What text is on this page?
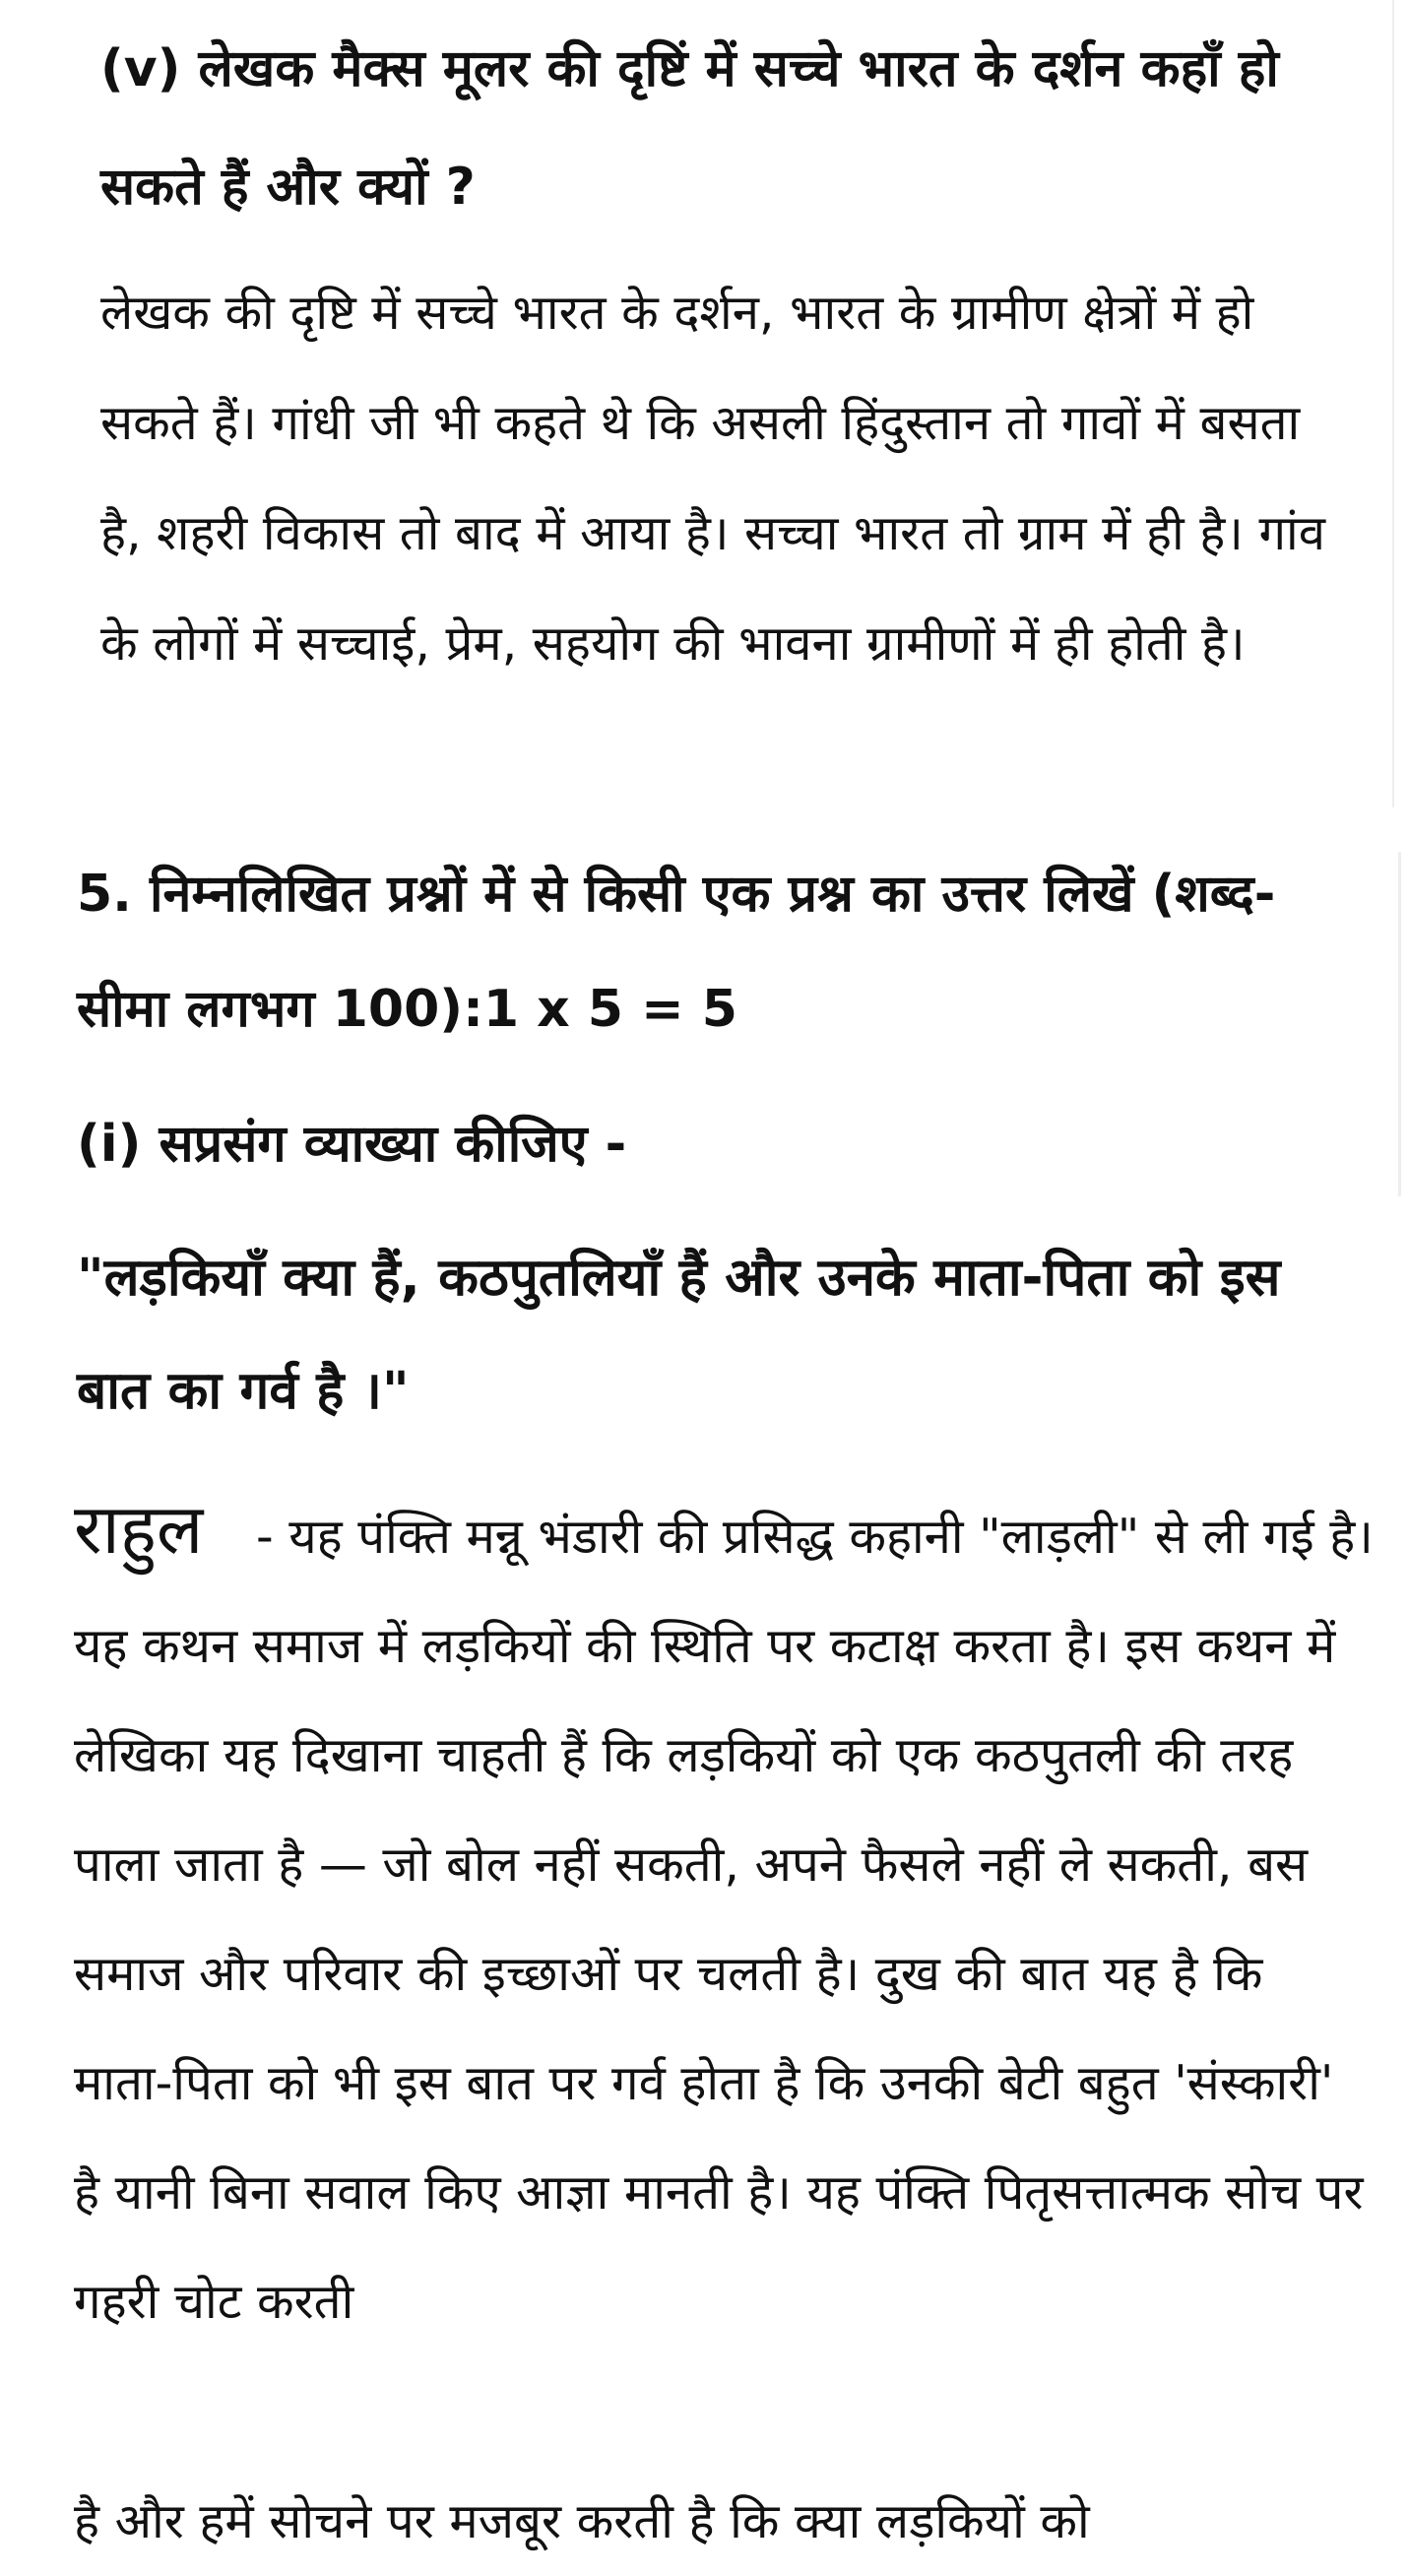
(v) लेखक मैक्स मूलर की दृष्टिं में सच्चे भारत के दर्शन कहाँ हो सकते हैं और क्यों ?
लेखक की दृष्टि में सच्चे भारत के दर्शन, भारत के ग्रामीण क्षेत्रों में हो सकते हैं। गांधी जी भी कहते थे कि असली हिंदुस्तान तो गावों में बसता है, शहरी विकास तो बाद में आया है। सच्चा भारत तो ग्राम में ही है। गांव के लोगों में सच्चाई, प्रेम, सहयोग की भावना ग्रामीणों में ही होती है।
5. निम्नलिखित प्रश्नों में से किसी एक प्रश्न का उत्तर लिखें (शब्द-सीमा लगभग 100):1 x 5 = 5
(i) सप्रसंग व्याख्या कीजिए -
"लड़कियाँ क्या हैं, कठपुतलियाँ हैं और उनके माता-पिता को इस बात का गर्व है ।"
राहुल - यह पंक्ति मन्नू भंडारी की प्रसिद्ध कहानी "लाड़ली" से ली गई है। यह कथन समाज में लड़कियों की स्थिति पर कटाक्ष करता है। इस कथन में लेखिका यह दिखाना चाहती हैं कि लड़कियों को एक कठपुतली की तरह पाला जाता है — जो बोल नहीं सकती, अपने फैसले नहीं ले सकती, बस समाज और परिवार की इच्छाओं पर चलती है। दुख की बात यह है कि माता-पिता को भी इस बात पर गर्व होता है कि उनकी बेटी बहुत 'संस्कारी' है यानी बिना सवाल किए आज्ञा मानती है। यह पंक्ति पितृसत्तात्मक सोच पर गहरी चोट करती
है और हमें सोचने पर मजबूर करती है कि क्या लड़कियों को
